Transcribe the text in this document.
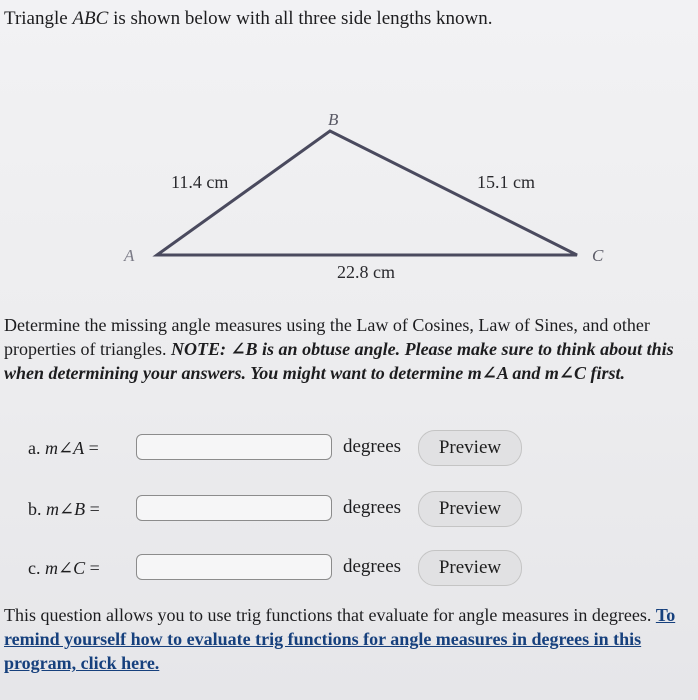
Triangle ABC is shown below with all three side lengths known.
B
A	C
11.4 cm	15.1 cm
22.8 cm
Determine the missing angle measures using the Law of Cosines, Law of Sines, and other properties of triangles. NOTE: ∠B is an obtuse angle. Please make sure to think about this when determining your answers. You might want to determine m∠A and m∠C first.
a. m∠A =	degrees	Preview
b. m∠B =	degrees	Preview
c. m∠C =	degrees	Preview
This question allows you to use trig functions that evaluate for angle measures in degrees. To remind yourself how to evaluate trig functions for angle measures in degrees in this program, click here.
